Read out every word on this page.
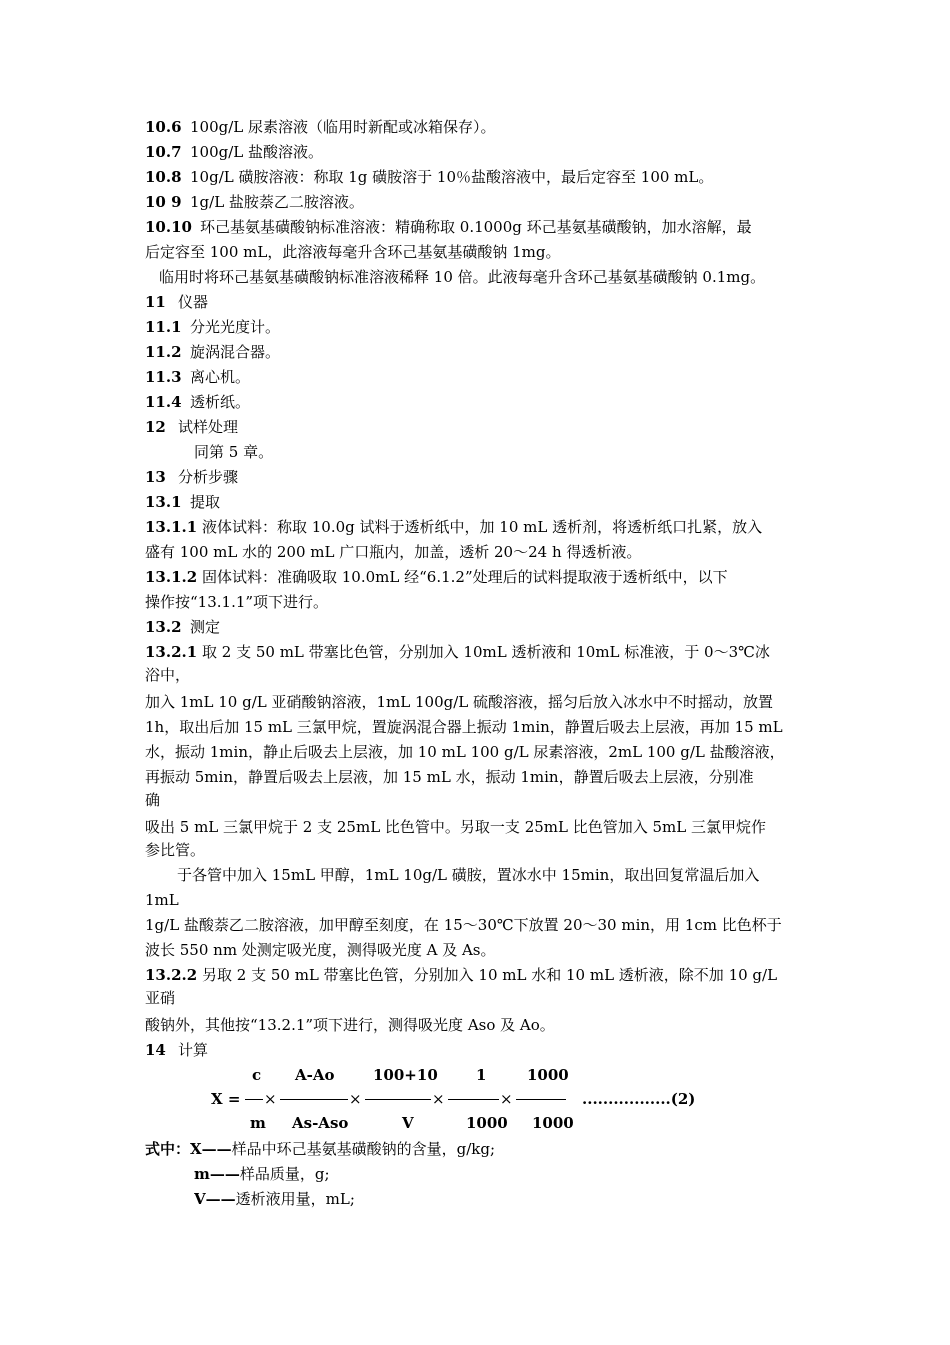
10.6 100g/L 尿素溶液（临用时新配或冰箱保存）。
10.7 100g/L 盐酸溶液。
10.8 10g/L 磺胺溶液：称取 1g 磺胺溶于 10％盐酸溶液中，最后定容至 100 mL。
10 9 1g/L 盐胺萘乙二胺溶液。
10.10 环己基氨基磺酸钠标准溶液：精确称取 0.1000g 环己基氨基磺酸钠，加水溶解，最
后定容至 100 mL，此溶液每毫升含环己基氨基磺酸钠 1mg。
临用时将环己基氨基磺酸钠标准溶液稀释 10 倍。此液每毫升含环己基氨基磺酸钠 0.1mg。
11 仪器
11.1 分光光度计。
11.2 旋涡混合器。
11.3 离心机。
11.4 透析纸。
12 试样处理
同第 5 章。
13 分析步骤
13.1 提取
13.1.1 液体试料：称取 10.0g 试料于透析纸中，加 10 mL 透析剂，将透析纸口扎紧，放入
盛有 100 mL 水的 200 mL 广口瓶内，加盖，透析 20～24 h 得透析液。
13.1.2 固体试料：准确吸取 10.0mL 经“6.1.2”处理后的试料提取液于透析纸中，以下
操作按“13.1.1”项下进行。
13.2 测定
13.2.1 取 2 支 50 mL 带塞比色管，分别加入 10mL 透析液和 10mL 标准液，于 0～3℃冰
浴中，
加入 1mL 10 g/L 亚硝酸钠溶液，1mL 100g/L 硫酸溶液，摇匀后放入冰水中不时摇动，放置
1h，取出后加 15 mL 三氯甲烷，置旋涡混合器上振动 1min，静置后吸去上层液，再加 15 mL
水，振动 1min，静止后吸去上层液，加 10 mL 100 g/L 尿素溶液，2mL 100 g/L 盐酸溶液，
再振动 5min，静置后吸去上层液，加 15 mL 水，振动 1min，静置后吸去上层液，分别准
确
吸出 5 mL 三氯甲烷于 2 支 25mL 比色管中。另取一支 25mL 比色管加入 5mL 三氯甲烷作
参比管。
于各管中加入 15mL 甲醇，1mL 10g/L 磺胺，置冰水中 15min，取出回复常温后加入
1mL
1g/L 盐酸萘乙二胺溶液，加甲醇至刻度，在 15～30℃下放置 20～30 min，用 1cm 比色杯于
波长 550 nm 处测定吸光度，测得吸光度 A 及 As。
13.2.2 另取 2 支 50 mL 带塞比色管，分别加入 10 mL 水和 10 mL 透析液，除不加 10 g/L
亚硝
酸钠外，其他按“13.2.1”项下进行，测得吸光度 Aso 及 Ao。
14 计算
c A-Ao	100+10	1	1000
X = ×	×	×	×	.................(2)
m As-Aso	V	1000 1000
式中：X——样品中环己基氨基磺酸钠的含量，g/kg;
m——样品质量，g;
V——透析液用量，mL;
